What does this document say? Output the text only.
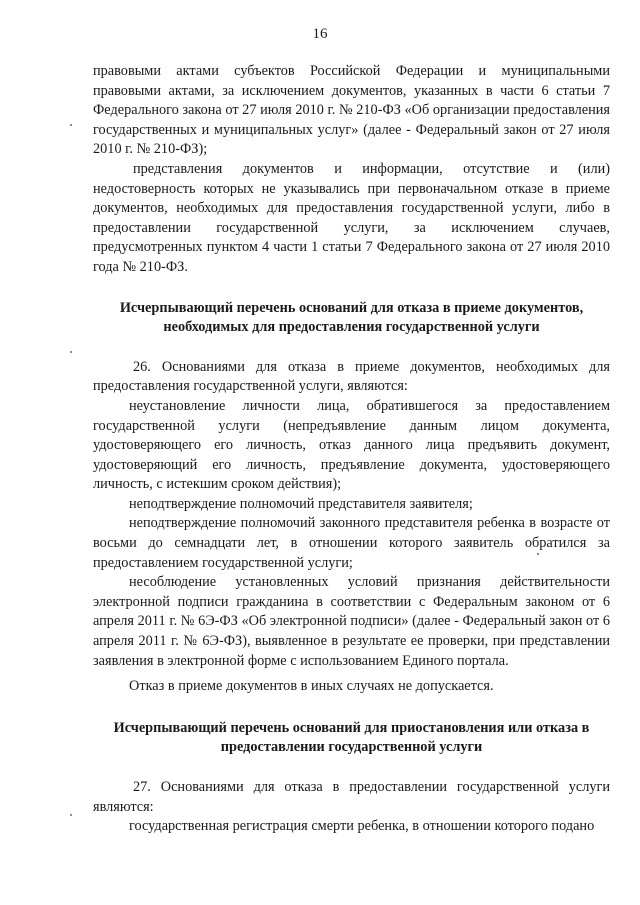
16

правовыми актами субъектов Российской Федерации и муниципальными правовыми актами, за исключением документов, указанных в части 6 статьи 7 Федерального закона от 27 июля 2010 г. № 210-ФЗ «Об организации предоставления государственных и муниципальных услуг» (далее - Федеральный закон от 27 июля 2010 г. № 210-ФЗ);

представления документов и информации, отсутствие и (или) недостоверность которых не указывались при первоначальном отказе в приеме документов, необходимых для предоставления государственной услуги, либо в предоставлении государственной услуги, за исключением случаев, предусмотренных пунктом 4 части 1 статьи 7 Федерального закона от 27 июля 2010 года № 210-ФЗ.

Исчерпывающий перечень оснований для отказа в приеме документов, необходимых для предоставления государственной услуги

26. Основаниями для отказа в приеме документов, необходимых для предоставления государственной услуги, являются:

неустановление личности лица, обратившегося за предоставлением государственной услуги (непредъявление данным лицом документа, удостоверяющего его личность, отказ данного лица предъявить документ, удостоверяющий его личность, предъявление документа, удостоверяющего личность, с истекшим сроком действия);

неподтверждение полномочий представителя заявителя;

неподтверждение полномочий законного представителя ребенка в возрасте от восьми до семнадцати лет, в отношении которого заявитель обратился за предоставлением государственной услуги;

несоблюдение установленных условий признания действительности электронной подписи гражданина в соответствии с Федеральным законом от 6 апреля 2011 г. № 6Э-ФЗ «Об электронной подписи» (далее - Федеральный закон от 6 апреля 2011 г. № 6Э-ФЗ), выявленное в результате ее проверки, при представлении заявления в электронной форме с использованием Единого портала.

Отказ в приеме документов в иных случаях не допускается.

Исчерпывающий перечень оснований для приостановления или отказа в предоставлении государственной услуги

27. Основаниями для отказа в предоставлении государственной услуги являются:

государственная регистрация смерти ребенка, в отношении которого подано
